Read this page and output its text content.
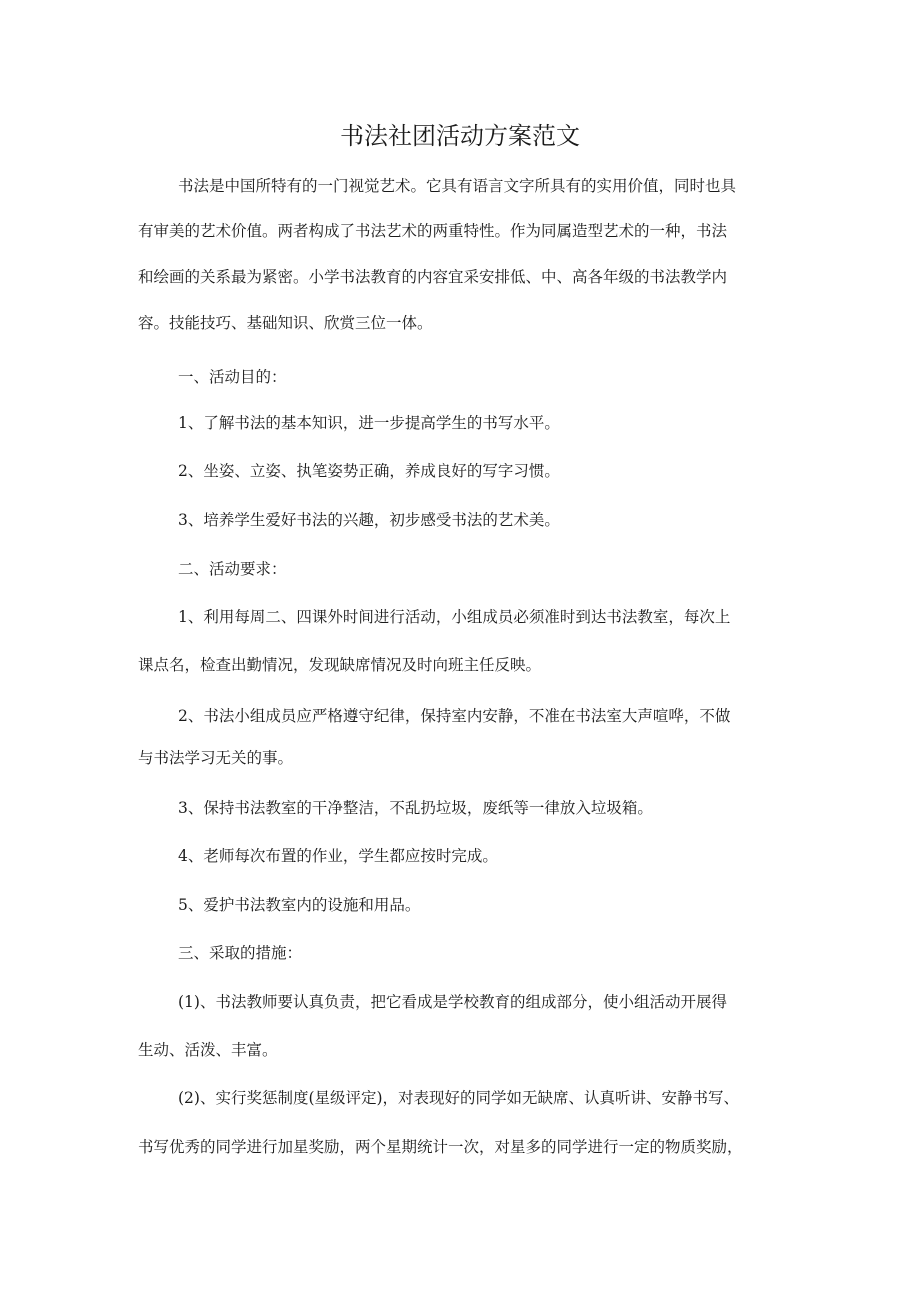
书法社团活动方案范文

书法是中国所特有的一门视觉艺术。它具有语言文字所具有的实用价值，同时也具

有审美的艺术价值。两者构成了书法艺术的两重特性。作为同属造型艺术的一种，书法

和绘画的关系最为紧密。小学书法教育的内容宜采安排低、中、高各年级的书法教学内

容。技能技巧、基础知识、欣赏三位一体。

一、活动目的：

1、了解书法的基本知识，进一步提高学生的书写水平。

2、坐姿、立姿、执笔姿势正确，养成良好的写字习惯。

3、培养学生爱好书法的兴趣，初步感受书法的艺术美。

二、活动要求：

1、利用每周二、四课外时间进行活动，小组成员必须准时到达书法教室，每次上

课点名，检查出勤情况，发现缺席情况及时向班主任反映。

2、书法小组成员应严格遵守纪律，保持室内安静，不准在书法室大声喧哗，不做

与书法学习无关的事。

3、保持书法教室的干净整洁，不乱扔垃圾，废纸等一律放入垃圾箱。

4、老师每次布置的作业，学生都应按时完成。

5、爱护书法教室内的设施和用品。

三、采取的措施：

(1)、书法教师要认真负责，把它看成是学校教育的组成部分，使小组活动开展得

生动、活泼、丰富。

(2)、实行奖惩制度(星级评定)，对表现好的同学如无缺席、认真听讲、安静书写、

书写优秀的同学进行加星奖励，两个星期统计一次，对星多的同学进行一定的物质奖励，
